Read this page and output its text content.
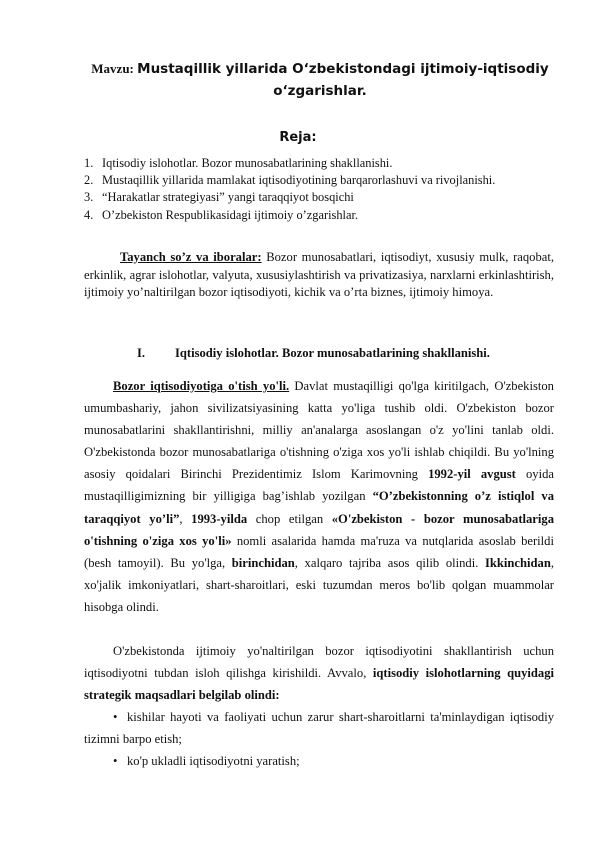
Mavzu: Mustaqillik yillarida O‘zbekistondagi ijtimoiy-iqtisodiy o‘zgarishlar.
Reja:
1. Iqtisodiy islohotlar. Bozor munosabatlarining shakllanishi.
2. Mustaqillik yillarida mamlakat iqtisodiyotining barqarorlashuvi va rivojlanishi.
3. “Harakatlar strategiyasi” yangi taraqqiyot bosqichi
4. O’zbekiston Respublikasidagi ijtimoiy o’zgarishlar.
Tayanch so’z va iboralar: Bozor munosabatlari, iqtisodiyt, xususiy mulk, raqobat, erkinlik, agrar islohotlar, valyuta, xususiylashtirish va privatizasiya, narxlarni erkinlashtirish, ijtimoiy yo’naltirilgan bozor iqtisodiyoti, kichik va o’rta biznes, ijtimoiy himoya.
I. Iqtisodiy islohotlar. Bozor munosabatlarining shakllanishi.
Bozor iqtisodiyotiga o'tish yo'li. Davlat mustaqilligi qo'lga kiritilgach, O'zbekiston umumbashariy, jahon sivilizatsiyasining katta yo'liga tushib oldi. O'zbekiston bozor munosabatlarini shakllantirishni, milliy an'analarga asoslangan o'z yo'lini tanlab oldi. O'zbekistonda bozor munosabatlariga o'tishning o'ziga xos yo'li ishlab chiqildi. Bu yo'lning asosiy qoidalari Birinchi Prezidentimiz Islom Karimovning 1992-yil avgust oyida mustaqilligimizning bir yilligiga bag’ishlab yozilgan “O’zbekistonning o’z istiqlol va taraqqiyot yo’li”, 1993-yilda chop etilgan «O'zbekiston - bozor munosabatlariga o'tishning o'ziga xos yo'li» nomli asalarida hamda ma'ruza va nutqlarida asoslab berildi (besh tamoyil). Bu yo'lga, birinchidan, xalqaro tajriba asos qilib olindi. Ikkinchidan, xo'jalik imkoniyatlari, shart-sharoitlari, eski tuzumdan meros bo'lib qolgan muammolar hisobga olindi.
O'zbekistonda ijtimoiy yo'naltirilgan bozor iqtisodiyotini shakllantirish uchun iqtisodiyotni tubdan isloh qilishga kirishildi. Avvalo, iqtisodiy islohotlarning quyidagi strategik maqsadlari belgilab olindi:
• kishilar hayoti va faoliyati uchun zarur shart-sharoitlarni ta'minlaydigan iqtisodiy tizimni barpo etish;
• ko'p ukladli iqtisodiyotni yaratish;
